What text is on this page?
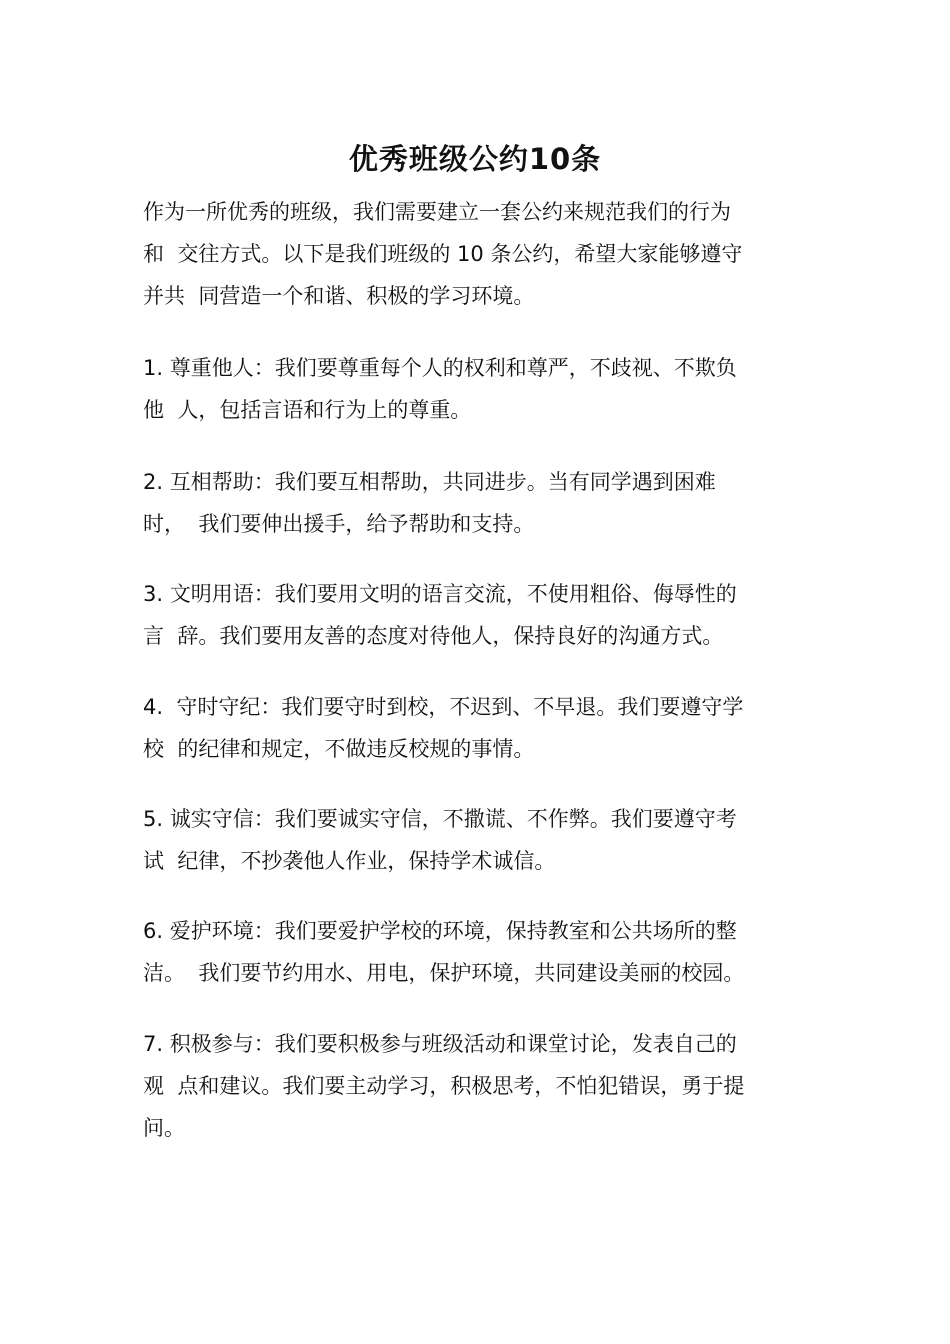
优秀班级公约10条

作为一所优秀的班级，我们需要建立一套公约来规范我们的行为
和  交往方式。以下是我们班级的 10 条公约，希望大家能够遵守
并共  同营造一个和谐、积极的学习环境。

1. 尊重他人：我们要尊重每个人的权利和尊严，不歧视、不欺负
他  人，包括言语和行为上的尊重。

2. 互相帮助：我们要互相帮助，共同进步。当有同学遇到困难
时，  我们要伸出援手，给予帮助和支持。

3. 文明用语：我们要用文明的语言交流，不使用粗俗、侮辱性的
言  辞。我们要用友善的态度对待他人，保持良好的沟通方式。

4.  守时守纪：我们要守时到校，不迟到、不早退。我们要遵守学
校  的纪律和规定，不做违反校规的事情。

5. 诚实守信：我们要诚实守信，不撒谎、不作弊。我们要遵守考
试  纪律，不抄袭他人作业，保持学术诚信。

6. 爱护环境：我们要爱护学校的环境，保持教室和公共场所的整
洁。  我们要节约用水、用电，保护环境，共同建设美丽的校园。

7. 积极参与：我们要积极参与班级活动和课堂讨论，发表自己的
观  点和建议。我们要主动学习，积极思考，不怕犯错误，勇于提
问。
